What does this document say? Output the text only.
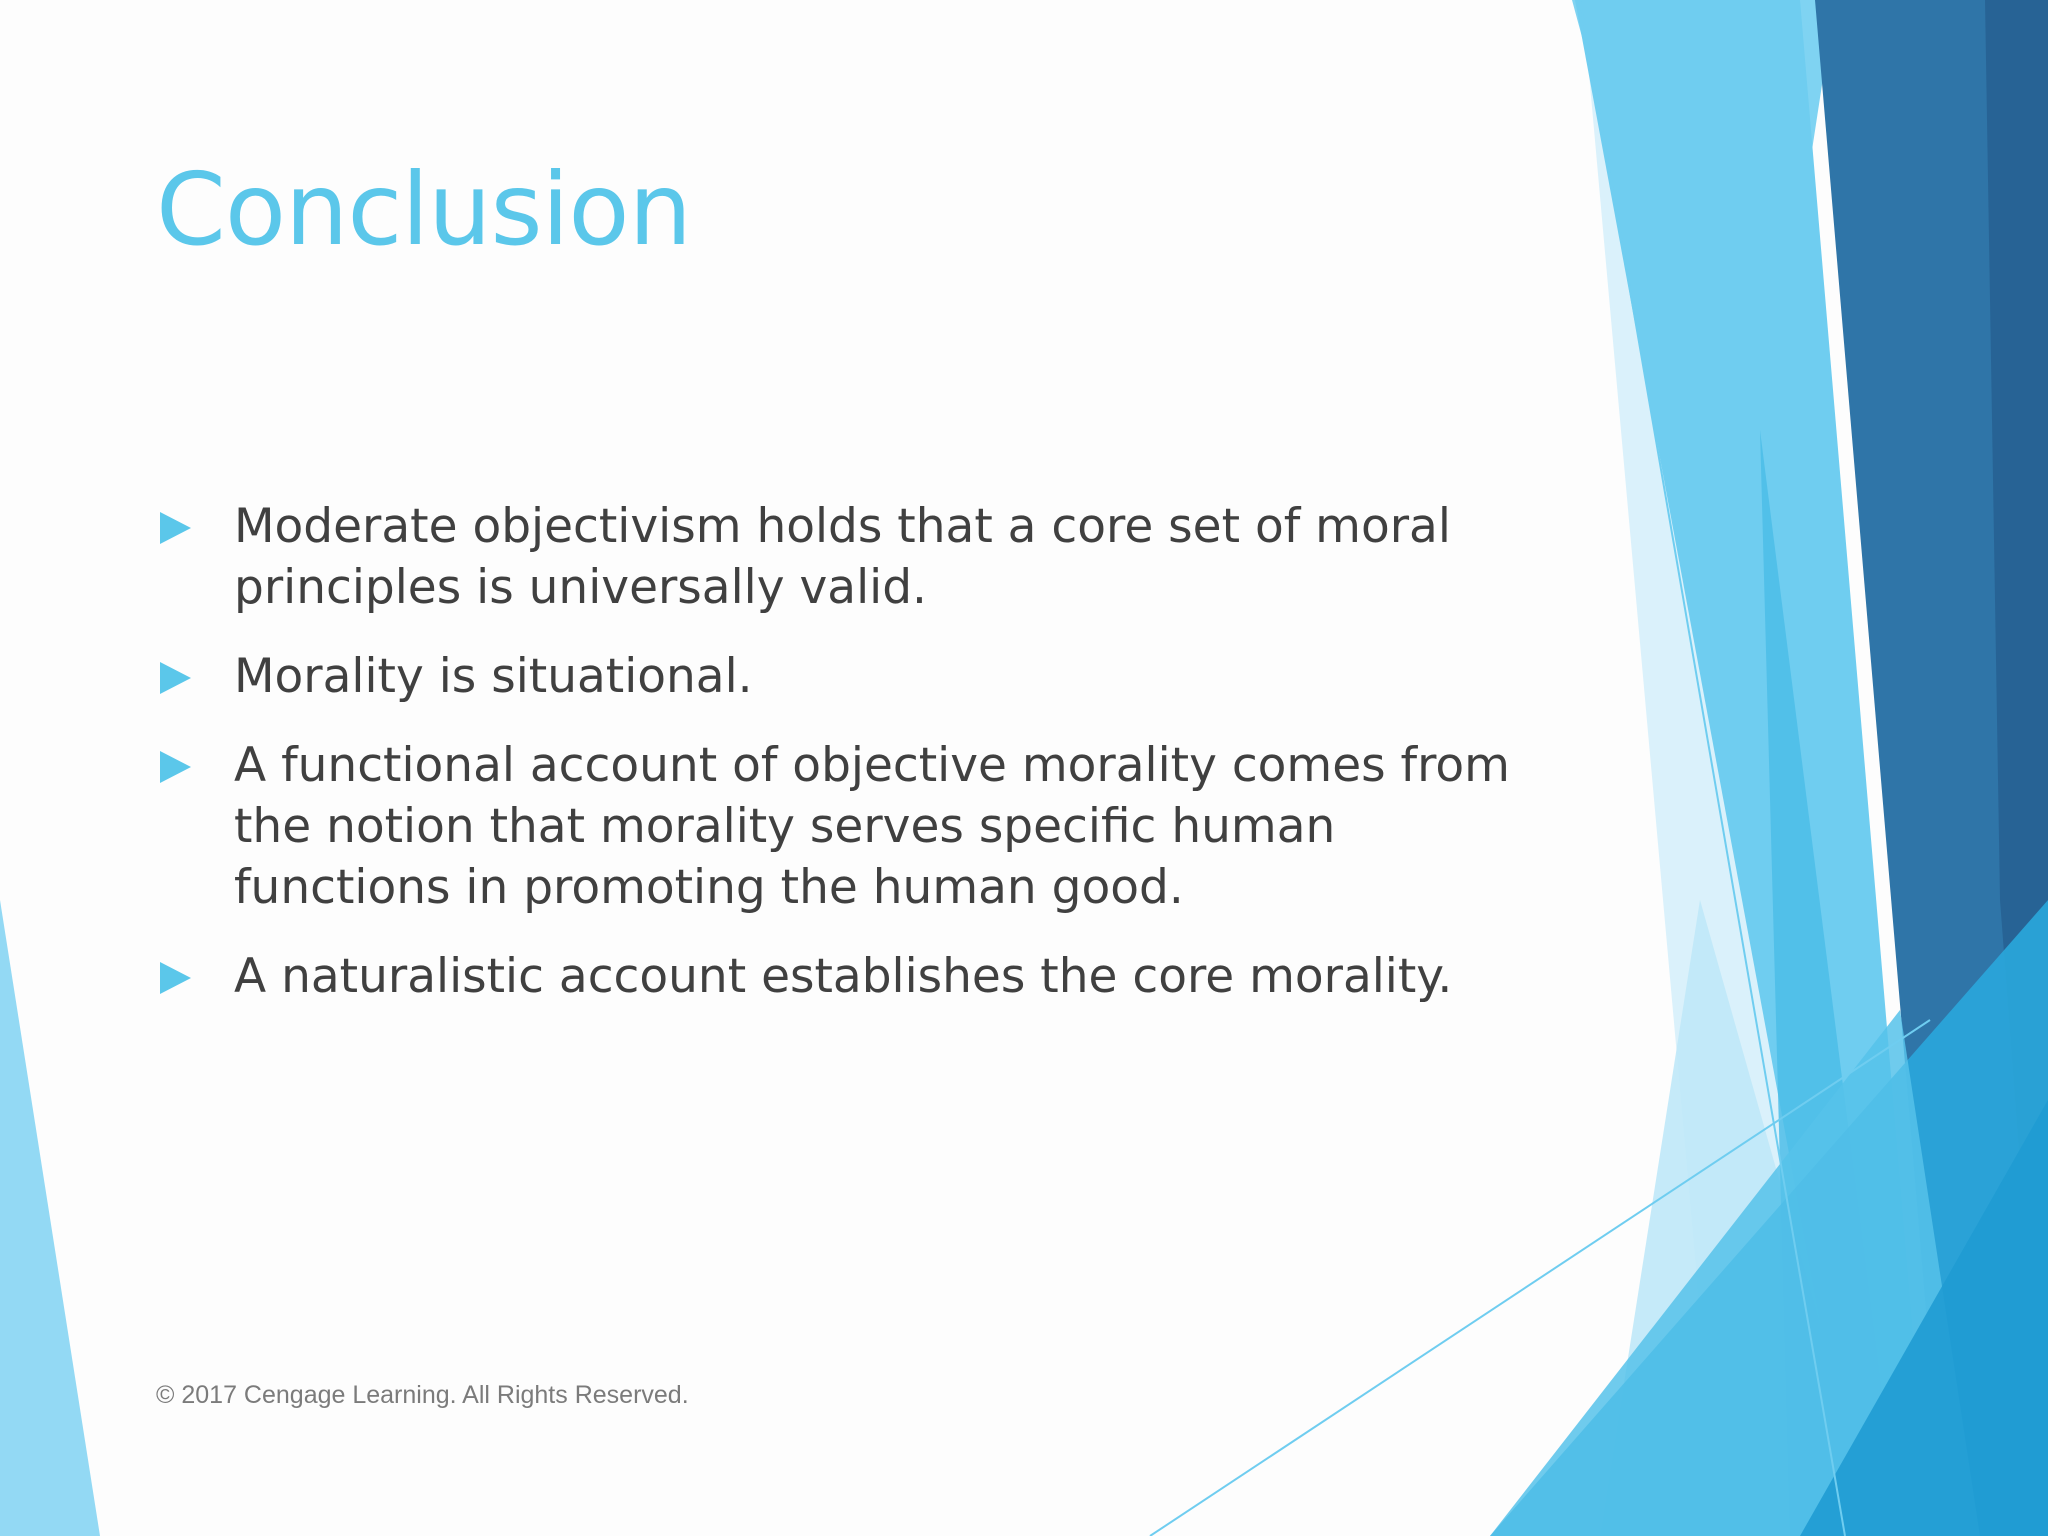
Conclusion
Moderate objectivism holds that a core set of moral principles is universally valid.
Morality is situational.
A functional account of objective morality comes from the notion that morality serves specific human functions in promoting the human good.
A naturalistic account establishes the core morality.
© 2017 Cengage Learning. All Rights Reserved.
